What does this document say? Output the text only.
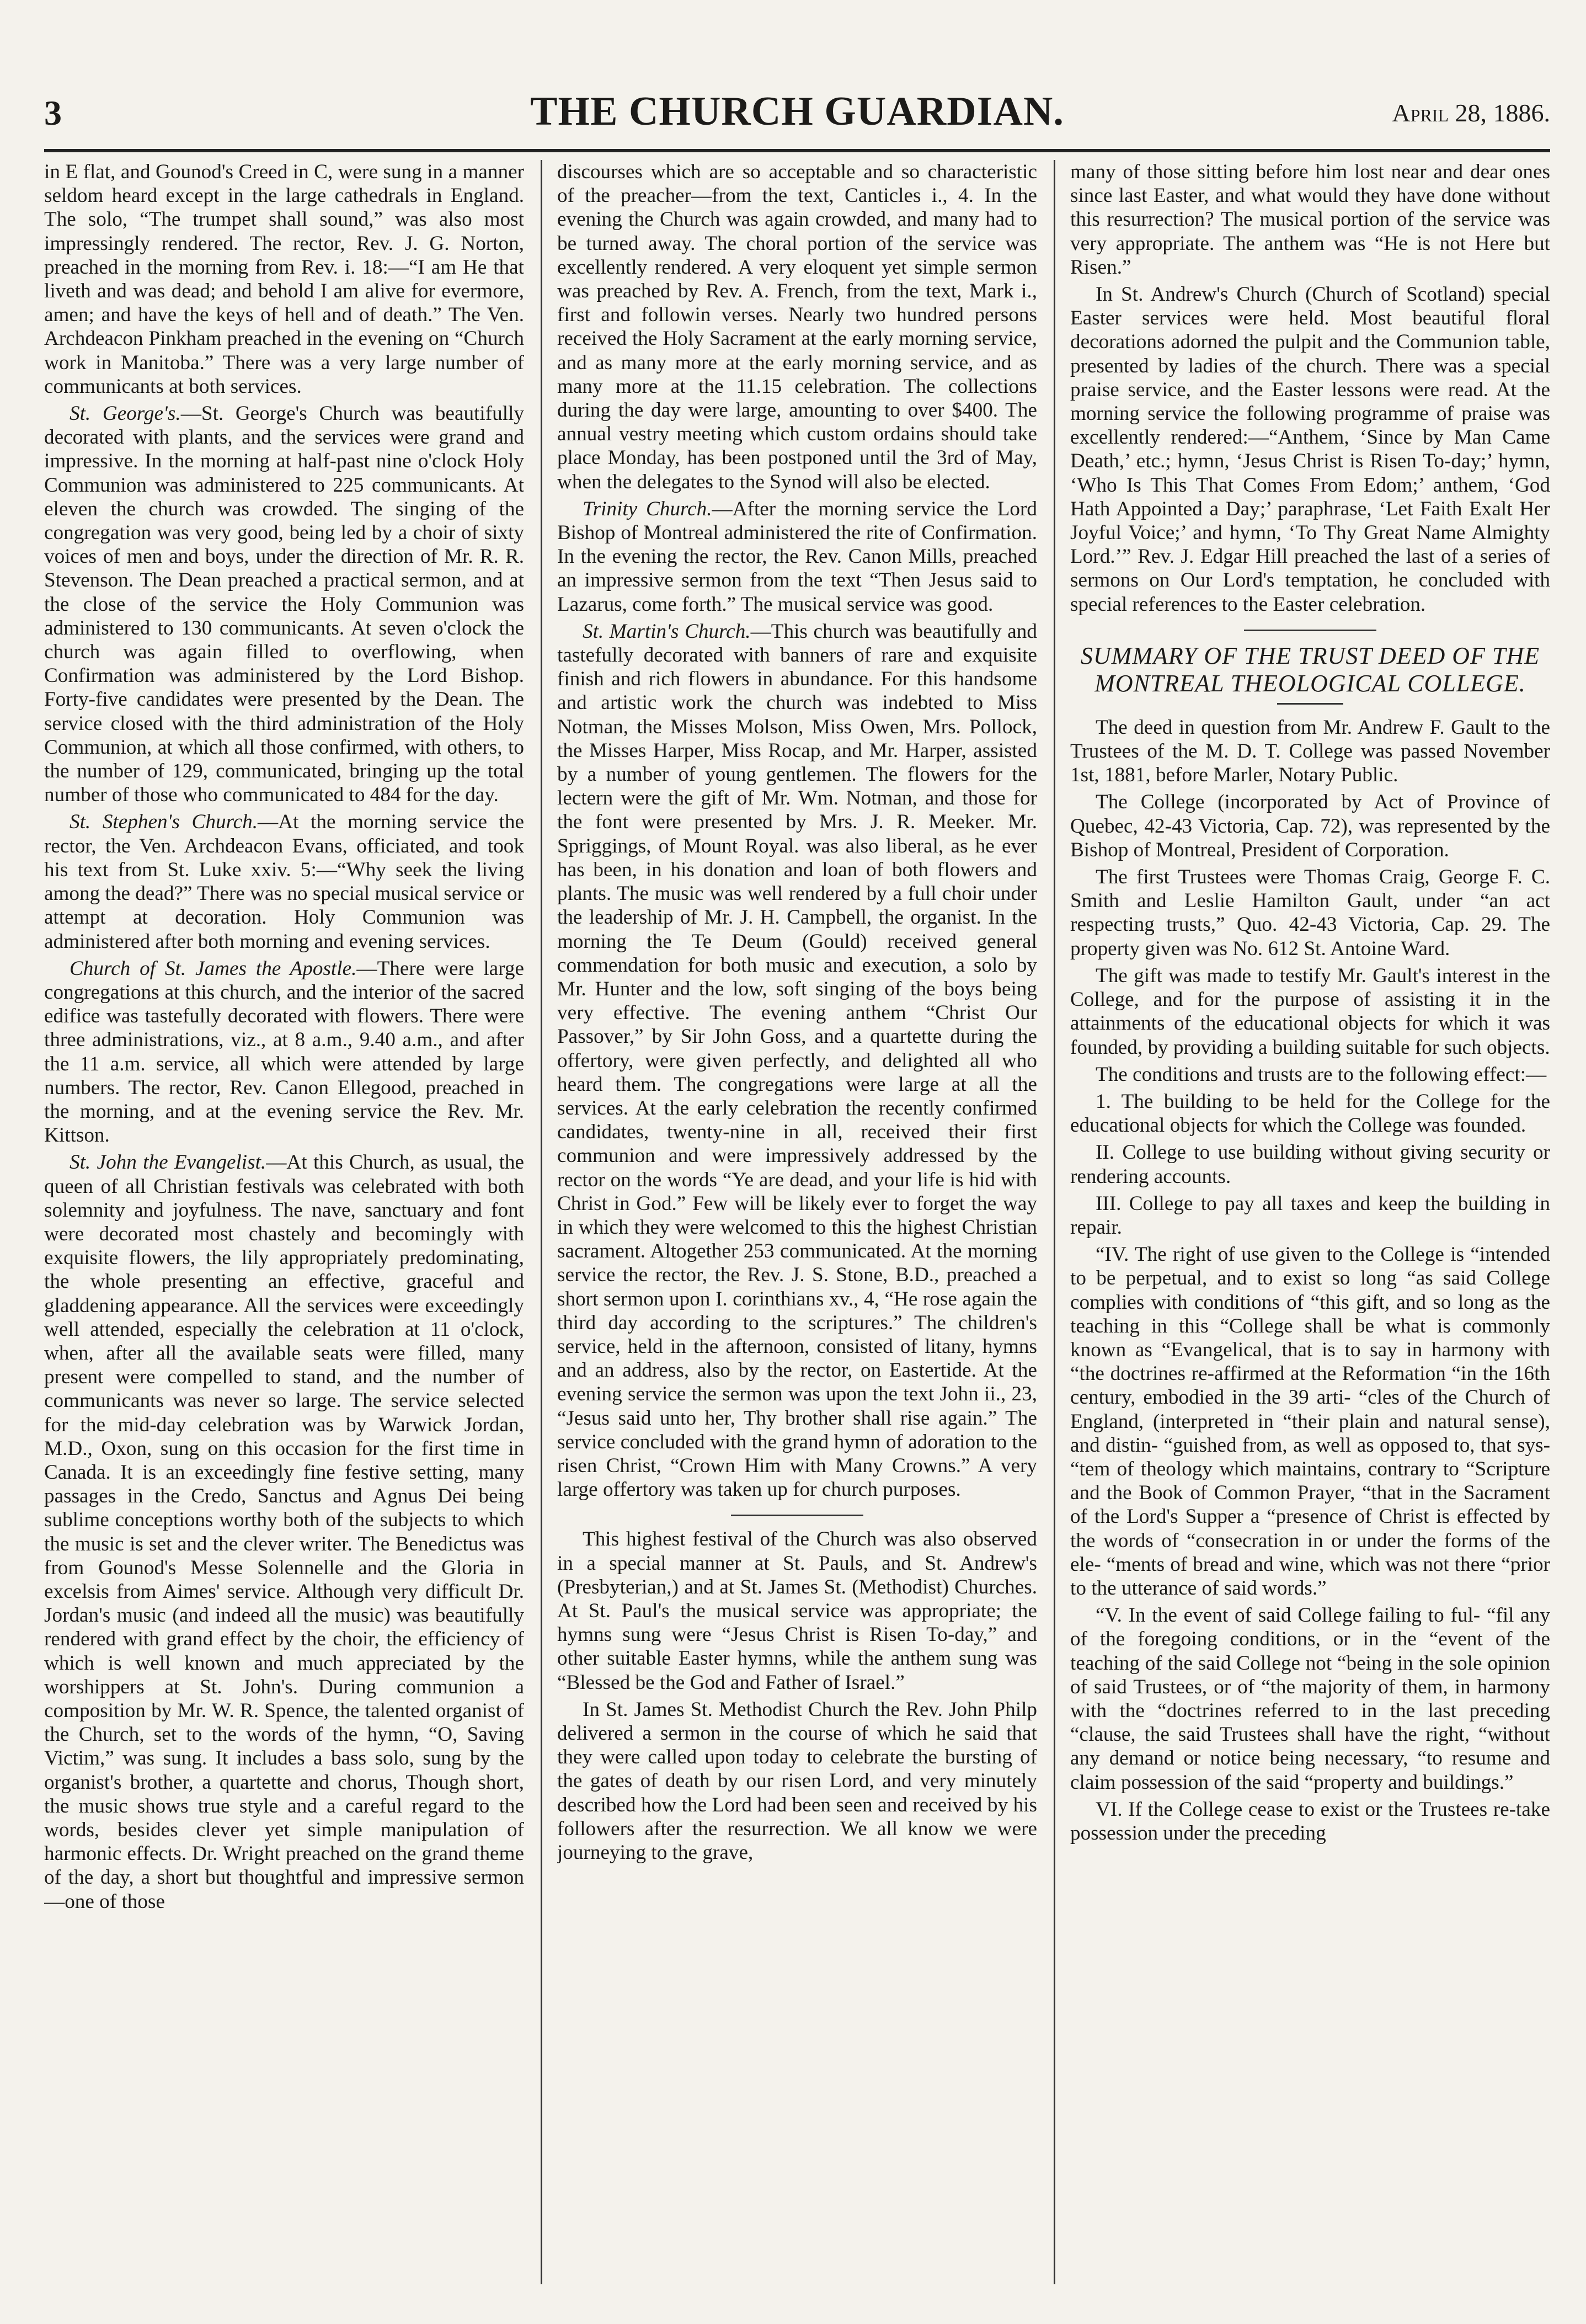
3	THE CHURCH GUARDIAN.	April 28, 1886.

in E flat, and Gounod's Creed in C, were sung in a manner seldom heard except in the large cathedrals in England. The solo, “The trumpet shall sound,” was also most impressingly rendered. The rector, Rev. J. G. Norton, preached in the morning from Rev. i. 18:—“I am He that liveth and was dead; and behold I am alive for evermore, amen; and have the keys of hell and of death.” The Ven. Archdeacon Pinkham preached in the evening on “Church work in Manitoba.” There was a very large number of communicants at both services.

St. George's.—St. George's Church was beautifully decorated with plants, and the services were grand and impressive. In the morning at half-past nine o'clock Holy Communion was administered to 225 communicants. At eleven the church was crowded. The singing of the congregation was very good, being led by a choir of sixty voices of men and boys, under the direction of Mr. R. R. Stevenson. The Dean preached a practical sermon, and at the close of the service the Holy Communion was administered to 130 communicants. At seven o'clock the church was again filled to overflowing, when Confirmation was administered by the Lord Bishop. Forty-five candidates were presented by the Dean. The service closed with the third administration of the Holy Communion, at which all those confirmed, with others, to the number of 129, communicated, bringing up the total number of those who communicated to 484 for the day.

St. Stephen's Church.—At the morning service the rector, the Ven. Archdeacon Evans, officiated, and took his text from St. Luke xxiv. 5:—“Why seek the living among the dead?” There was no special musical service or attempt at decoration. Holy Communion was administered after both morning and evening services.

Church of St. James the Apostle.—There were large congregations at this church, and the interior of the sacred edifice was tastefully decorated with flowers. There were three administrations, viz., at 8 a.m., 9.40 a.m., and after the 11 a.m. service, all which were attended by large numbers. The rector, Rev. Canon Ellegood, preached in the morning, and at the evening service the Rev. Mr. Kittson.

St. John the Evangelist.—At this Church, as usual, the queen of all Christian festivals was celebrated with both solemnity and joyfulness. The nave, sanctuary and font were decorated most chastely and becomingly with exquisite flowers, the lily appropriately predominating, the whole presenting an effective, graceful and gladdening appearance. All the services were exceedingly well attended, especially the celebration at 11 o'clock, when, after all the available seats were filled, many present were compelled to stand, and the number of communicants was never so large. The service selected for the mid-day celebration was by Warwick Jordan, M.D., Oxon, sung on this occasion for the first time in Canada. It is an exceedingly fine festive setting, many passages in the Credo, Sanctus and Agnus Dei being sublime conceptions worthy both of the subjects to which the music is set and the clever writer. The Benedictus was from Gounod's Messe Solennelle and the Gloria in excelsis from Aimes' service. Although very difficult Dr. Jordan's music (and indeed all the music) was beautifully rendered with grand effect by the choir, the efficiency of which is well known and much appreciated by the worshippers at St. John's. During communion a composition by Mr. W. R. Spence, the talented organist of the Church, set to the words of the hymn, “O, Saving Victim,” was sung. It includes a bass solo, sung by the organist's brother, a quartette and chorus, Though short, the music shows true style and a careful regard to the words, besides clever yet simple manipulation of harmonic effects. Dr. Wright preached on the grand theme of the day, a short but thoughtful and impressive sermon—one of those

discourses which are so acceptable and so characteristic of the preacher—from the text, Canticles i., 4. In the evening the Church was again crowded, and many had to be turned away. The choral portion of the service was excellently rendered. A very eloquent yet simple sermon was preached by Rev. A. French, from the text, Mark i., first and followin verses. Nearly two hundred persons received the Holy Sacrament at the early morning service, and as many more at the early morning service, and as many more at the 11.15 celebration. The collections during the day were large, amounting to over $400. The annual vestry meeting which custom ordains should take place Monday, has been postponed until the 3rd of May, when the delegates to the Synod will also be elected.

Trinity Church.—After the morning service the Lord Bishop of Montreal administered the rite of Confirmation. In the evening the rector, the Rev. Canon Mills, preached an impressive sermon from the text “Then Jesus said to Lazarus, come forth.” The musical service was good.

St. Martin's Church.—This church was beautifully and tastefully decorated with banners of rare and exquisite finish and rich flowers in abundance. For this handsome and artistic work the church was indebted to Miss Notman, the Misses Molson, Miss Owen, Mrs. Pollock, the Misses Harper, Miss Rocap, and Mr. Harper, assisted by a number of young gentlemen. The flowers for the lectern were the gift of Mr. Wm. Notman, and those for the font were presented by Mrs. J. R. Meeker. Mr. Spriggings, of Mount Royal. was also liberal, as he ever has been, in his donation and loan of both flowers and plants. The music was well rendered by a full choir under the leadership of Mr. J. H. Campbell, the organist. In the morning the Te Deum (Gould) received general commendation for both music and execution, a solo by Mr. Hunter and the low, soft singing of the boys being very effective. The evening anthem “Christ Our Passover,” by Sir John Goss, and a quartette during the offertory, were given perfectly, and delighted all who heard them. The congregations were large at all the services. At the early celebration the recently confirmed candidates, twenty-nine in all, received their first communion and were impressively addressed by the rector on the words “Ye are dead, and your life is hid with Christ in God.” Few will be likely ever to forget the way in which they were welcomed to this the highest Christian sacrament. Altogether 253 communicated. At the morning service the rector, the Rev. J. S. Stone, B.D., preached a short sermon upon I. corinthians xv., 4, “He rose again the third day according to the scriptures.” The children's service, held in the afternoon, consisted of litany, hymns and an address, also by the rector, on Eastertide. At the evening service the sermon was upon the text John ii., 23, “Jesus said unto her, Thy brother shall rise again.” The service concluded with the grand hymn of adoration to the risen Christ, “Crown Him with Many Crowns.” A very large offertory was taken up for church purposes.

This highest festival of the Church was also observed in a special manner at St. Pauls, and St. Andrew's (Presbyterian,) and at St. James St. (Methodist) Churches. At St. Paul's the musical service was appropriate; the hymns sung were “Jesus Christ is Risen To-day,” and other suitable Easter hymns, while the anthem sung was “Blessed be the God and Father of Israel.”

In St. James St. Methodist Church the Rev. John Philp delivered a sermon in the course of which he said that they were called upon today to celebrate the bursting of the gates of death by our risen Lord, and very minutely described how the Lord had been seen and received by his followers after the resurrection. We all know we were journeying to the grave,

many of those sitting before him lost near and dear ones since last Easter, and what would they have done without this resurrection? The musical portion of the service was very appropriate. The anthem was “He is not Here but Risen.”

In St. Andrew's Church (Church of Scotland) special Easter services were held. Most beautiful floral decorations adorned the pulpit and the Communion table, presented by ladies of the church. There was a special praise service, and the Easter lessons were read. At the morning service the following programme of praise was excellently rendered:—“Anthem, ‘Since by Man Came Death,’ etc.; hymn, ‘Jesus Christ is Risen To-day;’ hymn, ‘Who Is This That Comes From Edom;’ anthem, ‘God Hath Appointed a Day;’ paraphrase, ‘Let Faith Exalt Her Joyful Voice;’ and hymn, ‘To Thy Great Name Almighty Lord.’” Rev. J. Edgar Hill preached the last of a series of sermons on Our Lord's temptation, he concluded with special references to the Easter celebration.

SUMMARY OF THE TRUST DEED OF THE MONTREAL THEOLOGICAL COLLEGE.

The deed in question from Mr. Andrew F. Gault to the Trustees of the M. D. T. College was passed November 1st, 1881, before Marler, Notary Public.

The College (incorporated by Act of Province of Quebec, 42-43 Victoria, Cap. 72), was represented by the Bishop of Montreal, President of Corporation.

The first Trustees were Thomas Craig, George F. C. Smith and Leslie Hamilton Gault, under “an act respecting trusts,” Quo. 42-43 Victoria, Cap. 29. The property given was No. 612 St. Antoine Ward.

The gift was made to testify Mr. Gault's interest in the College, and for the purpose of assisting it in the attainments of the educational objects for which it was founded, by providing a building suitable for such objects.

The conditions and trusts are to the following effect:—

1. The building to be held for the College for the educational objects for which the College was founded.

II. College to use building without giving security or rendering accounts.

III. College to pay all taxes and keep the building in repair.

“IV. The right of use given to the College is “intended to be perpetual, and to exist so long “as said College complies with conditions of “this gift, and so long as the teaching in this “College shall be what is commonly known as “Evangelical, that is to say in harmony with “the doctrines re-affirmed at the Reformation “in the 16th century, embodied in the 39 arti- “cles of the Church of England, (interpreted in “their plain and natural sense), and distin- “guished from, as well as opposed to, that sys- “tem of theology which maintains, contrary to “Scripture and the Book of Common Prayer, “that in the Sacrament of the Lord's Supper a “presence of Christ is effected by the words of “consecration in or under the forms of the ele- “ments of bread and wine, which was not there “prior to the utterance of said words.”

“V. In the event of said College failing to ful- “fil any of the foregoing conditions, or in the “event of the teaching of the said College not “being in the sole opinion of said Trustees, or of “the majority of them, in harmony with the “doctrines referred to in the last preceding “clause, the said Trustees shall have the right, “without any demand or notice being necessary, “to resume and claim possession of the said “property and buildings.”

VI. If the College cease to exist or the Trustees re-take possession under the preceding
